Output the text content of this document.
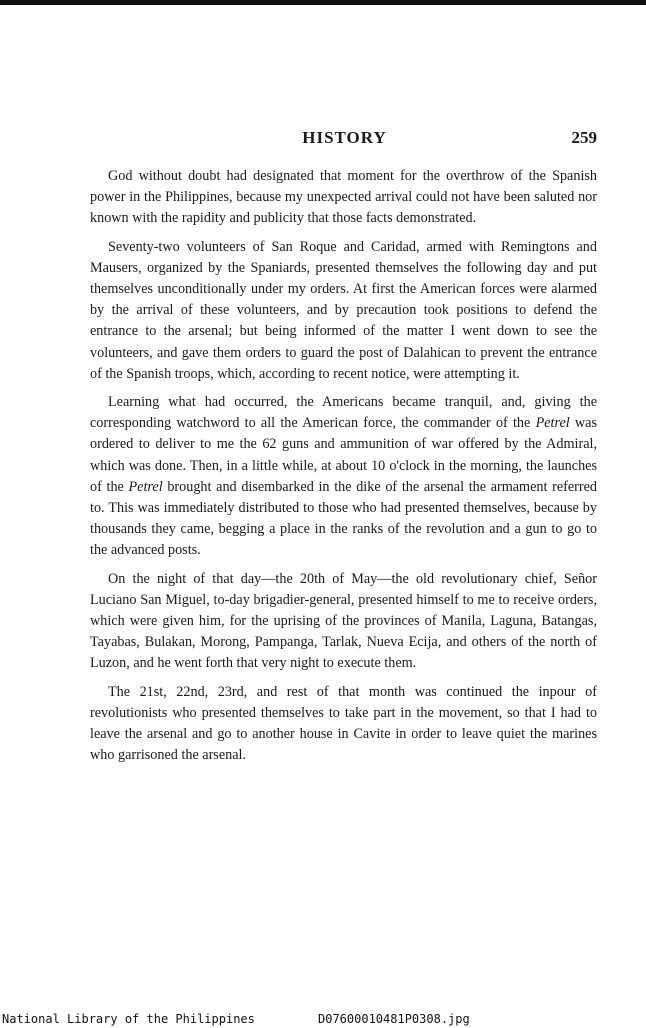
HISTORY	259

God without doubt had designated that moment for the overthrow of the Spanish power in the Philippines, because my unexpected arrival could not have been saluted nor known with the rapidity and publicity that those facts demonstrated.

Seventy-two volunteers of San Roque and Caridad, armed with Remingtons and Mausers, organized by the Spaniards, presented themselves the following day and put themselves unconditionally under my orders. At first the American forces were alarmed by the arrival of these volunteers, and by precaution took positions to defend the entrance to the arsenal; but being informed of the matter I went down to see the volunteers, and gave them orders to guard the post of Dalahican to prevent the entrance of the Spanish troops, which, according to recent notice, were attempting it.

Learning what had occurred, the Americans became tranquil, and, giving the corresponding watchword to all the American force, the commander of the Petrel was ordered to deliver to me the 62 guns and ammunition of war offered by the Admiral, which was done. Then, in a little while, at about 10 o'clock in the morning, the launches of the Petrel brought and disembarked in the dike of the arsenal the armament referred to. This was immediately distributed to those who had presented themselves, because by thousands they came, begging a place in the ranks of the revolution and a gun to go to the advanced posts.

On the night of that day—the 20th of May—the old revolutionary chief, Señor Luciano San Miguel, to-day brigadier-general, presented himself to me to receive orders, which were given him, for the uprising of the provinces of Manila, Laguna, Batangas, Tayabas, Bulakan, Morong, Pampanga, Tarlak, Nueva Ecija, and others of the north of Luzon, and he went forth that very night to execute them.

The 21st, 22nd, 23rd, and rest of that month was continued the inpour of revolutionists who presented themselves to take part in the movement, so that I had to leave the arsenal and go to another house in Cavite in order to leave quiet the marines who garrisoned the arsenal.

National Library of the Philippines	D07600010481P0308.jpg
